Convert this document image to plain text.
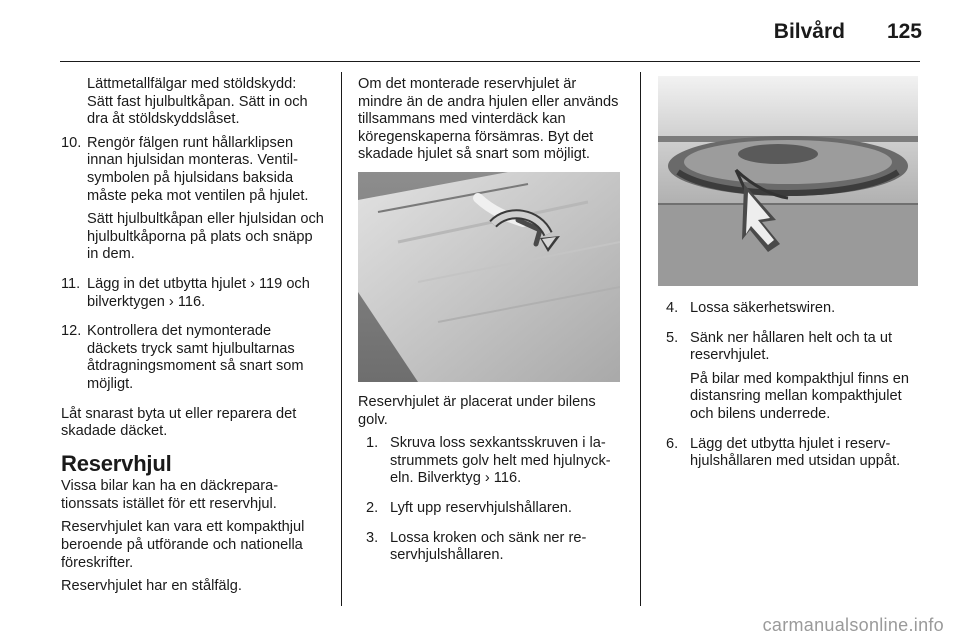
Bilvård 125

Lättmetallfälgar med stöldskydd: Sätt fast hjulbultkåpan. Sätt in och dra åt stöldskyddslåset.

10. Rengör fälgen runt hållarklipsen innan hjulsidan monteras. Ventilsymbolen på hjulsidans baksida måste peka mot ventilen på hjulet.

Sätt hjulbultkåpan eller hjulsidan och hjulbultkåporna på plats och snäpp in dem.

11. Lägg in det utbytta hjulet › 119 och bilverktygen › 116.

12. Kontrollera det nymonterade däckets tryck samt hjulbultarnas åtdragningsmoment så snart som möjligt.

Låt snarast byta ut eller reparera det skadade däcket.

Reservhjul

Vissa bilar kan ha en däckreparationssats istället för ett reservhjul.

Reservhjulet kan vara ett kompakthjul beroende på utförande och nationella föreskrifter.

Reservhjulet har en stålfälg.

Om det monterade reservhjulet är mindre än de andra hjulen eller används tillsammans med vinterdäck kan köregenskaperna försämras. Byt det skadade hjulet så snart som möjligt.

Reservhjulet är placerat under bilens golv.

1. Skruva loss sexkantsskruven i lastrummets golv helt med hjulnyckeln. Bilverktyg › 116.

2. Lyft upp reservhjulshållaren.

3. Lossa kroken och sänk ner reservhjulshållaren.

4. Lossa säkerhetswiren.

5. Sänk ner hållaren helt och ta ut reservhjulet.

På bilar med kompakthjul finns en distansring mellan kompakthjulet och bilens underrede.

6. Lägg det utbytta hjulet i reservhjulshållaren med utsidan uppåt.

carmanualsonline.info
